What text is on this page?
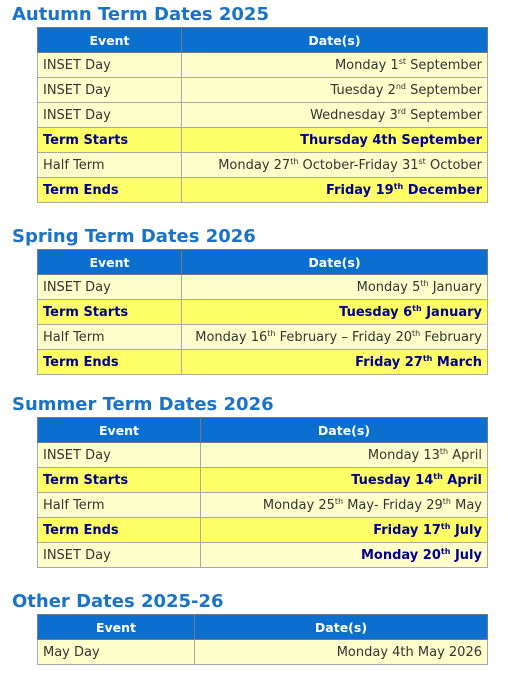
Autumn Term Dates 2025
Event	Date(s)
INSET Day	Monday 1st September
INSET Day	Tuesday 2nd September
INSET Day	Wednesday 3rd September
Term Starts	Thursday 4th September
Half Term	Monday 27th October-Friday 31st October
Term Ends	Friday 19th December
Spring Term Dates 2026
Event	Date(s)
INSET Day	Monday 5th January
Term Starts	Tuesday 6th January
Half Term	Monday 16th February – Friday 20th February
Term Ends	Friday 27th March
Summer Term Dates 2026
Event	Date(s)
INSET Day	Monday 13th April
Term Starts	Tuesday 14th April
Half Term	Monday 25th May- Friday 29th May
Term Ends	Friday 17th July
INSET Day	Monday 20th July
Other Dates 2025-26
Event	Date(s)
May Day	Monday 4th May 2026
